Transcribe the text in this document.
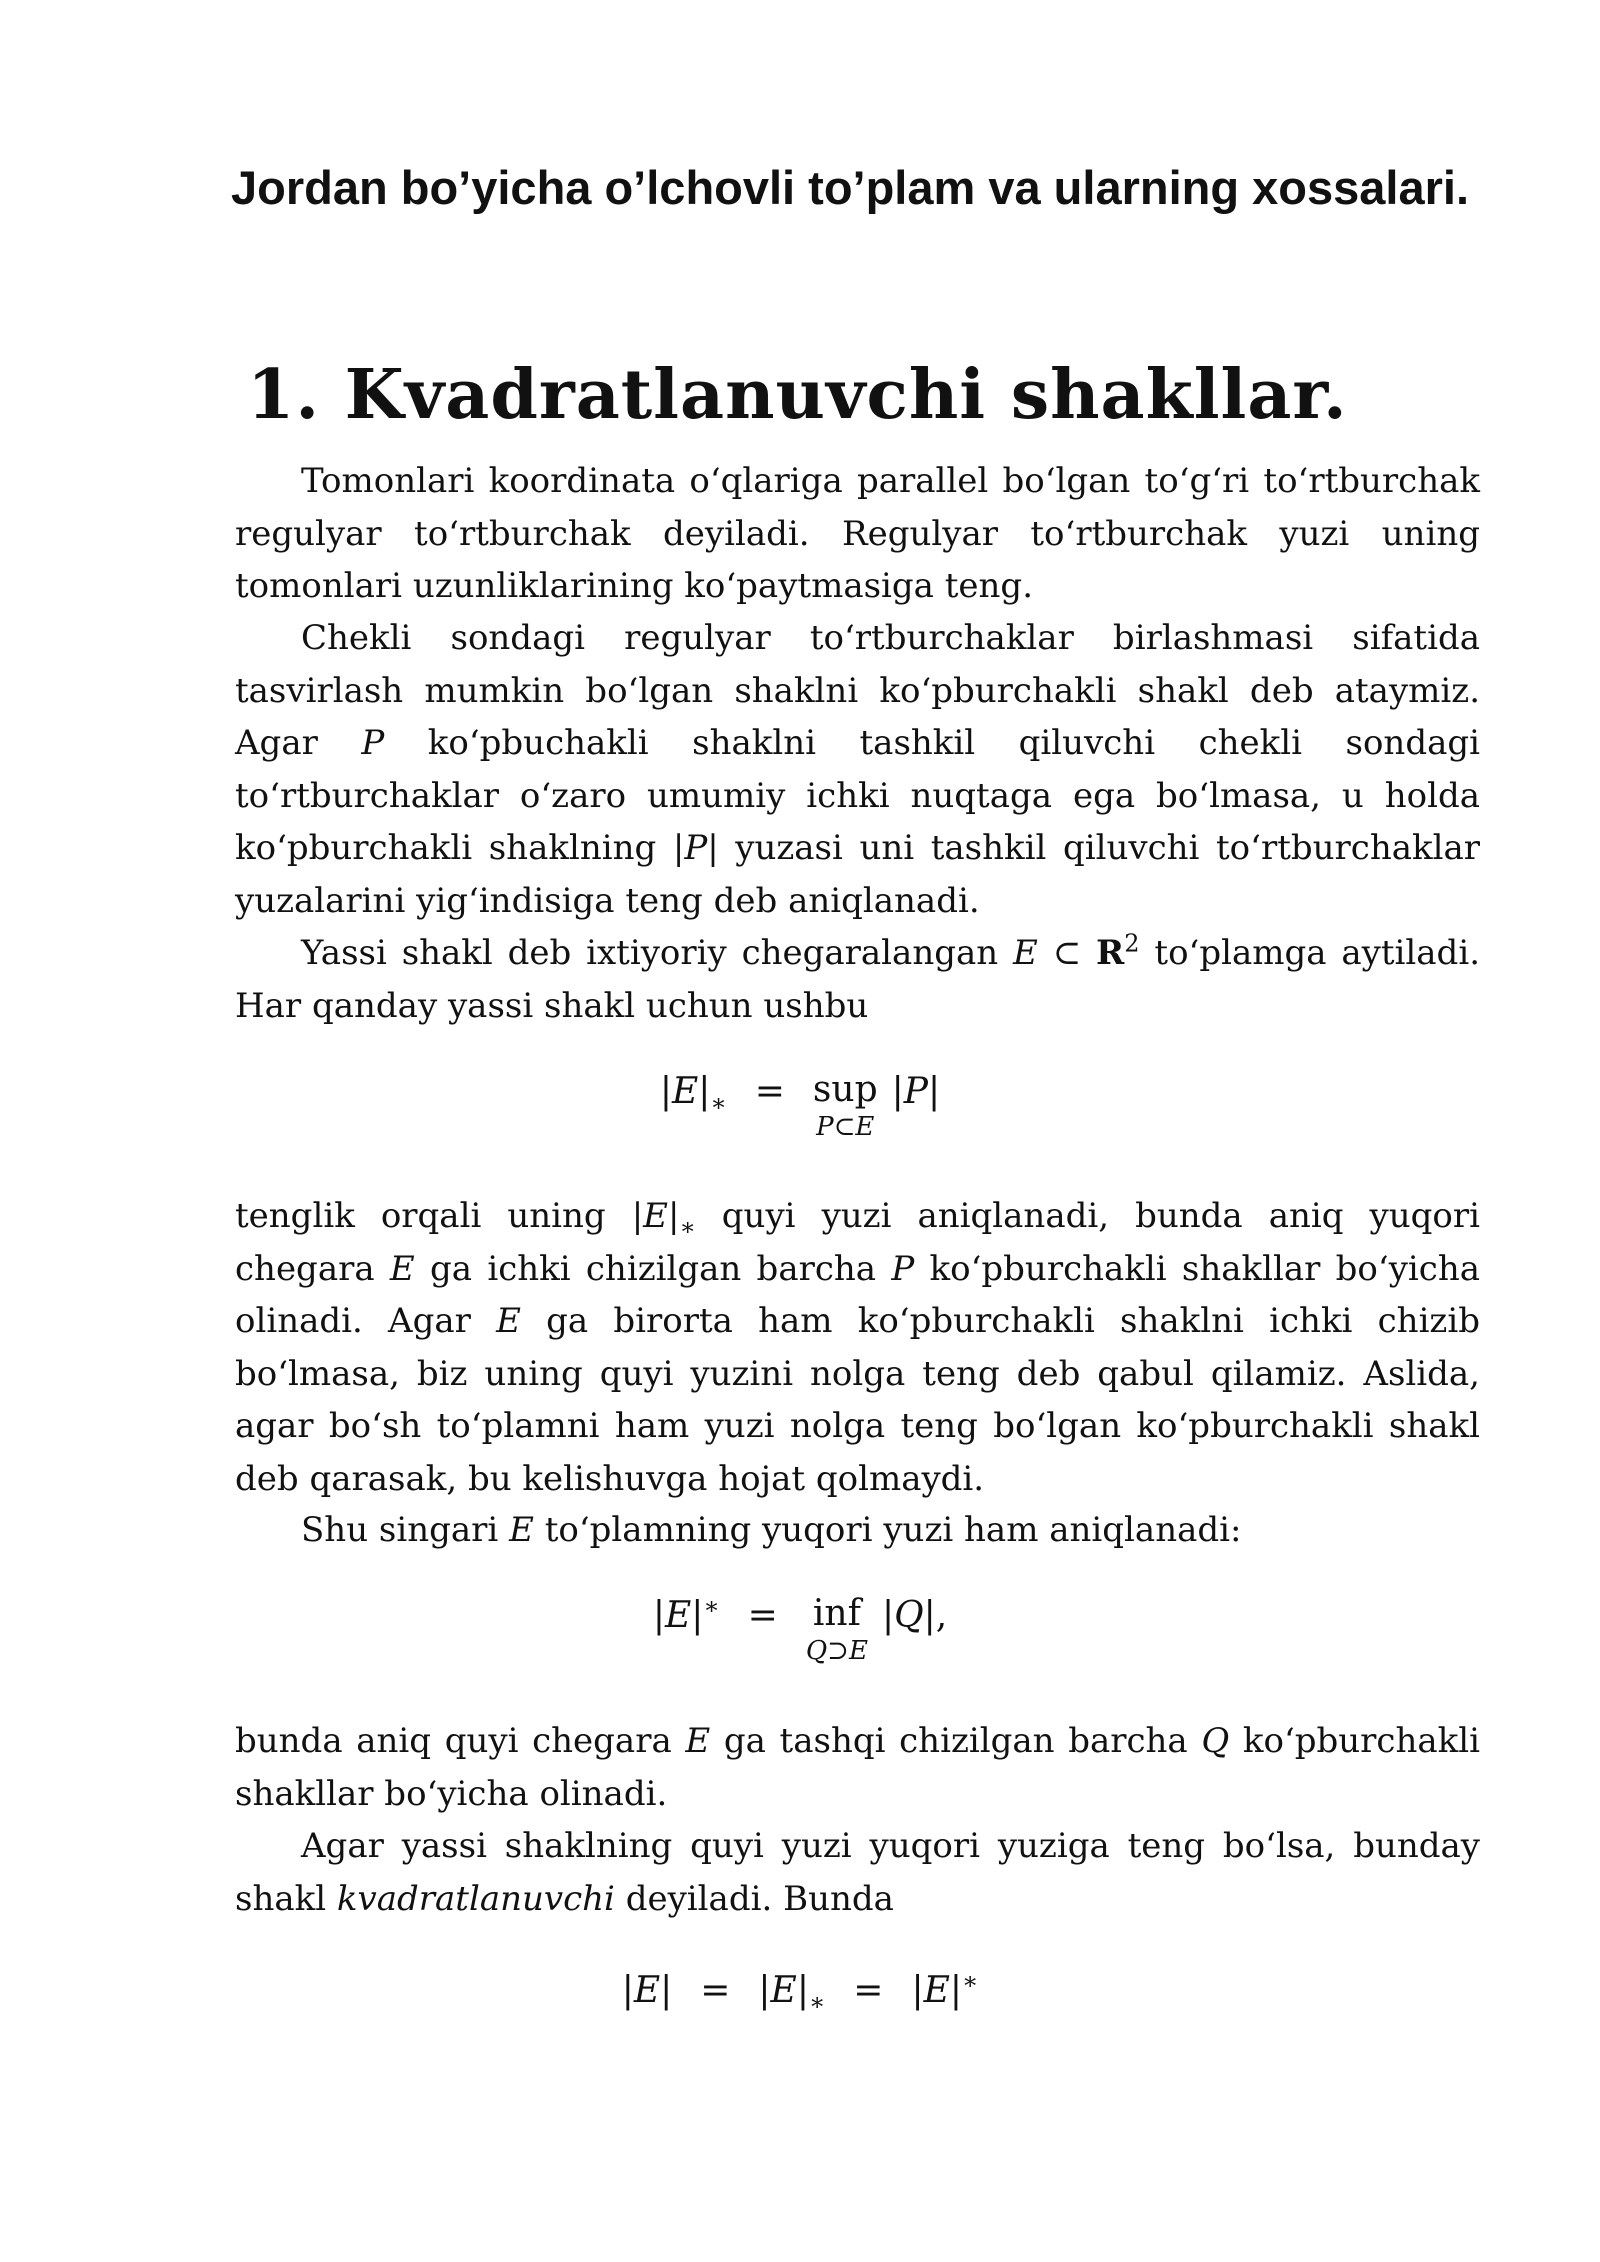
Jordan bo’yicha o’lchovli to’plam va ularning xossalari.
1. Kvadratlanuvchi shakllar.

Tomonlari koordinata o‘qlariga parallel bo‘lgan to‘g‘ri to‘rtburchak regulyar to‘rtburchak deyiladi. Regulyar to‘rtburchak yuzi uning tomonlari uzunliklarining ko‘paytmasiga teng.

Chekli sondagi regulyar to‘rtburchaklar birlashmasi sifatida tasvirlash mumkin bo‘lgan shaklni ko‘pburchakli shakl deb ataymiz. Agar P ko‘pbuchakli shaklni tashkil qiluvchi chekli sondagi to‘rtburchaklar o‘zaro umumiy ichki nuqtaga ega bo‘lmasa, u holda ko‘pburchakli shaklning |P| yuzasi uni tashkil qiluvchi to‘rtburchaklar yuzalarini yig‘indisiga teng deb aniqlanadi.

Yassi shakl deb ixtiyoriy chegaralangan E ⊂ $R^2$ to‘plamga aytiladi. Har qanday yassi shakl uchun ushbu

$|E|_∗$ = sup
P⊂E
|P|

tenglik orqali uning $|E|_∗$ quyi yuzi aniqlanadi, bunda aniq yuqori chegara E ga ichki chizilgan barcha P ko‘pburchakli shakllar bo‘yicha olinadi. Agar E ga birorta ham ko‘pburchakli shaklni ichki chizib bo‘lmasa, biz uning quyi yuzini nolga teng deb qabul qilamiz. Aslida, agar bo‘sh to‘plamni ham yuzi nolga teng bo‘lgan ko‘pburchakli shakl deb qarasak, bu kelishuvga hojat qolmaydi.

Shu singari E to‘plamning yuqori yuzi ham aniqlanadi:

|E|∗ = inf
Q⊃E
|Q|,

bunda aniq quyi chegara E ga tashqi chizilgan barcha Q ko‘pburchakli shakllar bo‘yicha olinadi.

Agar yassi shaklning quyi yuzi yuqori yuziga teng bo‘lsa, bunday shakl kvadratlanuvchi deyiladi. Bunda

$|E| = |E|_∗ = |E|^∗$
